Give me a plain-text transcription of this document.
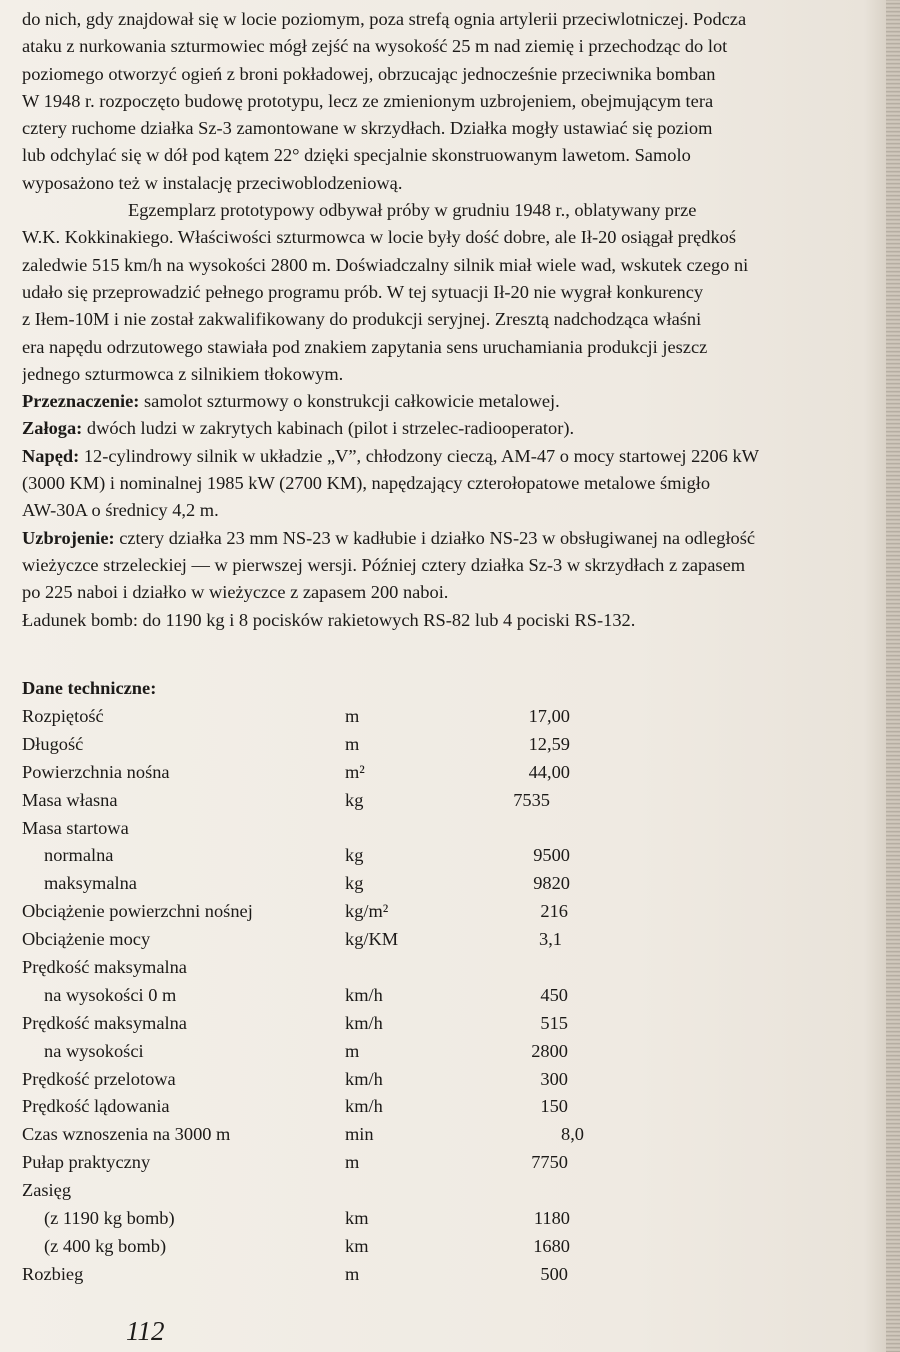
do nich, gdy znajdował się w locie poziomym, poza strefą ognia artylerii przeciwlotniczej. Podcza
ataku z nurkowania szturmowiec mógł zejść na wysokość 25 m nad ziemię i przechodząc do lot
poziomego otworzyć ogień z broni pokładowej, obrzucając jednocześnie przeciwnika bomban
W 1948 r. rozpoczęto budowę prototypu, lecz ze zmienionym uzbrojeniem, obejmującym tera
cztery ruchome działka Sz-3 zamontowane w skrzydłach. Działka mogły ustawiać się poziom
lub odchylać się w dół pod kątem 22° dzięki specjalnie skonstruowanym lawetom. Samolo
wyposażono też w instalację przeciwoblodzeniową.
Egzemplarz prototypowy odbywał próby w grudniu 1948 r., oblatywany prze
W.K. Kokkinakiego. Właściwości szturmowca w locie były dość dobre, ale Ił-20 osiągał prędkoś
zaledwie 515 km/h na wysokości 2800 m. Doświadczalny silnik miał wiele wad, wskutek czego ni
udało się przeprowadzić pełnego programu prób. W tej sytuacji Ił-20 nie wygrał konkurency
z Iłem-10M i nie został zakwalifikowany do produkcji seryjnej. Zresztą nadchodząca właśni
era napędu odrzutowego stawiała pod znakiem zapytania sens uruchamiania produkcji jeszcz
jednego szturmowca z silnikiem tłokowym.
Przeznaczenie: samolot szturmowy o konstrukcji całkowicie metalowej.
Załoga: dwóch ludzi w zakrytych kabinach (pilot i strzelec-radiooperator).
Napęd: 12-cylindrowy silnik w układzie „V”, chłodzony cieczą, AM-47 o mocy startowej 2206 kW
(3000 KM) i nominalnej 1985 kW (2700 KM), napędzający czterołopatowe metalowe śmigło
AW-30A o średnicy 4,2 m.
Uzbrojenie: cztery działka 23 mm NS-23 w kadłubie i działko NS-23 w obsługiwanej na odległość
wieżyczce strzeleckiej — w pierwszej wersji. Później cztery działka Sz-3 w skrzydłach z zapasem
po 225 naboi i działko w wieżyczce z zapasem 200 naboi.
Ładunek bomb: do 1190 kg i 8 pocisków rakietowych RS-82 lub 4 pociski RS-132.
Dane techniczne:
Rozpiętość	m	17,00
Długość	m	12,59
Powierzchnia nośna	m²	44,00
Masa własna	kg	7535
Masa startowa
normalna	kg	9500
maksymalna	kg	9820
Obciążenie powierzchni nośnej	kg/m²	216
Obciążenie mocy	kg/KM	3,1
Prędkość maksymalna
na wysokości 0 m	km/h	450
Prędkość maksymalna	km/h	515
na wysokości	m	2800
Prędkość przelotowa	km/h	300
Prędkość lądowania	km/h	150
Czas wznoszenia na 3000 m	min	8,0
Pułap praktyczny	m	7750
Zasięg
(z 1190 kg bomb)	km	1180
(z 400 kg bomb)	km	1680
Rozbieg	m	500
112
